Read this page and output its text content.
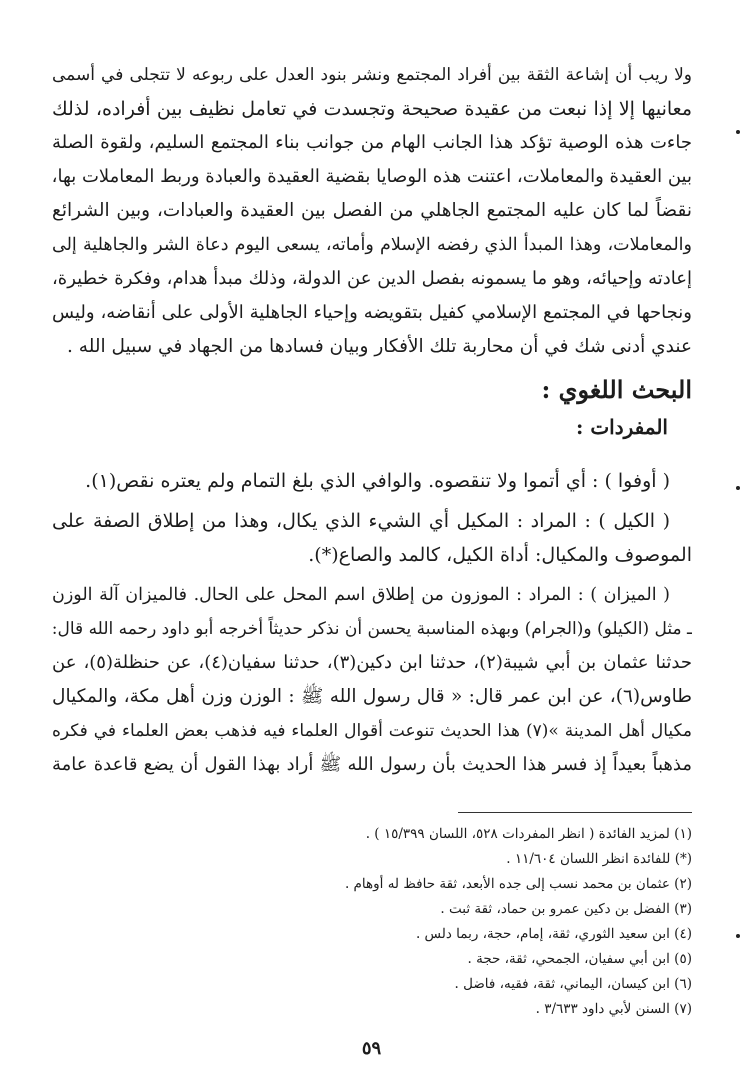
ولا ريب أن إشاعة الثقة بين أفراد المجتمع ونشر بنود العدل على ربوعه لا تتجلى في أسمى
معانيها إلا إذا نبعت من عقيدة صحيحة وتجسدت في تعامل نظيف بين أفراده، لذلك
جاءت هذه الوصية تؤكد هذا الجانب الهام من جوانب بناء المجتمع السليم، ولقوة الصلة
بين العقيدة والمعاملات، اعتنت هذه الوصايا بقضية العقيدة والعبادة وربط المعاملات بها،
نقضاً لما كان عليه المجتمع الجاهلي من الفصل بين العقيدة والعبادات، وبين الشرائع
والمعاملات، وهذا المبدأ الذي رفضه الإسلام وأماته، يسعى اليوم دعاة الشر والجاهلية إلى
إعادته وإحيائه، وهو ما يسمونه بفصل الدين عن الدولة، وذلك مبدأ هدام، وفكرة خطيرة،
ونجاحها في المجتمع الإسلامي كفيل بتقويضه وإحياء الجاهلية الأولى على أنقاضه، وليس
عندي أدنى شك في أن محاربة تلك الأفكار وبيان فسادها من الجهاد في سبيل الله .
البحث اللغوي :
المفردات :
( أوفوا ) : أي أتموا ولا تنقصوه. والوافي الذي بلغ التمام ولم يعتره نقص(١).
( الكيل ) : المراد : المكيل أي الشيء الذي يكال، وهذا من إطلاق الصفة على
الموصوف والمكيال: أداة الكيل، كالمد والصاع(*).
( الميزان ) : المراد : الموزون من إطلاق اسم المحل على الحال. فالميزان آلة الوزن
ـ مثل (الكيلو) و(الجرام) وبهذه المناسبة يحسن أن نذكر حديثاً أخرجه أبو داود رحمه الله قال:
حدثنا عثمان بن أبي شيبة(٢)، حدثنا ابن دكين(٣)، حدثنا سفيان(٤)، عن حنظلة(٥)، عن
طاوس(٦)، عن ابن عمر قال: « قال رسول الله ﷺ : الوزن وزن أهل مكة، والمكيال
مكيال أهل المدينة »(٧) هذا الحديث تنوعت أقوال العلماء فيه فذهب بعض العلماء في فكره
مذهباً بعيداً إذ فسر هذا الحديث بأن رسول الله ﷺ أراد بهذا القول أن يضع قاعدة عامة
(١) لمزيد الفائدة ( انظر المفردات ٥٢٨، اللسان ١٥/٣٩٩ ) .
(*) للفائدة انظر اللسان ١١/٦٠٤ .
(٢) عثمان بن محمد نسب إلى جده الأبعد، ثقة حافظ له أوهام .
(٣) الفضل بن دكين عمرو بن حماد، ثقة ثبت .
(٤) ابن سعيد الثوري، ثقة، إمام، حجة، ربما دلس .
(٥) ابن أبي سفيان، الجمحي، ثقة، حجة .
(٦) ابن كيسان، اليماني، ثقة، فقيه، فاضل .
(٧) السنن لأبي داود ٣/٦٣٣ .
٥٩
